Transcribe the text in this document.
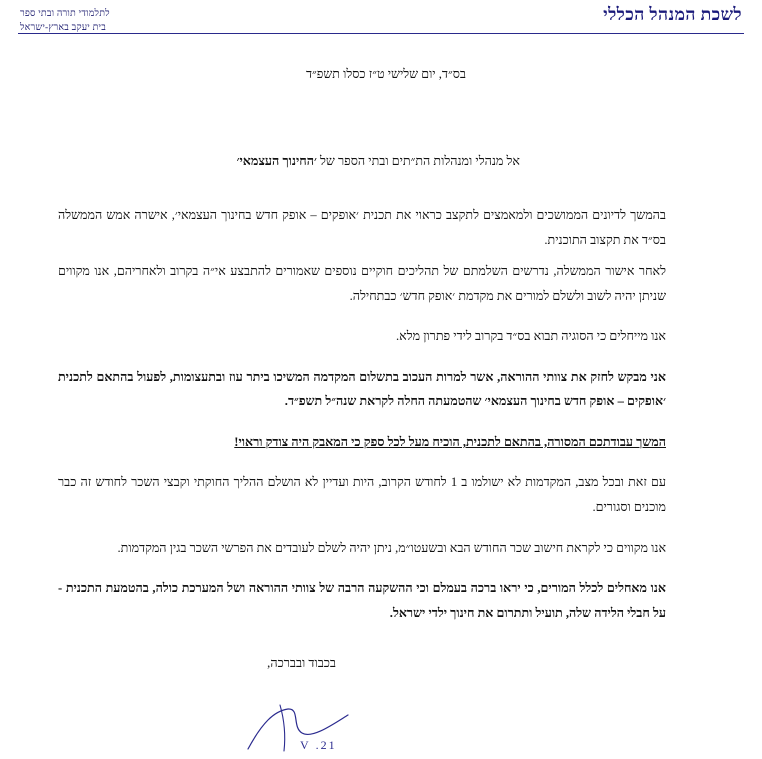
לתלמודי תורה ובתי ספר
בית יעקב בארץ-ישראל
לשכת המנהל הכללי
בס״ד, יום שלישי ט״ז כסלו תשפ״ד
אל מנהלי ומנהלות הת״תים ובתי הספר של ׳החינוך העצמאי׳

בהמשך לדיונים הממושכים ולמאמצים לתקצב כראוי את תכנית ׳אופקים – אופק חדש בחינוך העצמאי׳, אישרה אמש הממשלה בס״ד את תקצוב התוכנית.

לאחר אישור הממשלה, נדרשים השלמתם של תהליכים חוקיים נוספים שאמורים להתבצע אי״ה בקרוב ולאחריהם, אנו מקווים שניתן יהיה לשוב ולשלם למורים את מקדמת ׳אופק חדש׳ כבתחילה.

אנו מייחלים כי הסוגיה תבוא בס״ד בקרוב לידי פתרון מלא.

אני מבקש לחזק את צוותי ההוראה, אשר למרות העכוב בתשלום המקדמה המשיכו ביתר עוז ובתעצומות, לפעול בהתאם לתכנית ׳אופקים – אופק חדש בחינוך העצמאי׳ שהטמעתה החלה לקראת שנה״ל תשפ״ד.

המשך עבודתכם המסורה, בהתאם לתכנית, הוכיח מעל לכל ספק כי המאבק היה צודק וראוי!

עם זאת ובכל מצב, המקדמות לא ישולמו ב 1 לחודש הקרוב, היות ועדיין לא הושלם ההליך החוקתי וקבצי השכר לחודש זה כבר מוכנים וסגורים.

אנו מקווים כי לקראת חישוב שכר החודש הבא ובשעטו״מ, ניתן יהיה לשלם לעובדים את הפרשי השכר בגין המקדמות.

אנו מאחלים לכלל המורים, כי יראו ברכה בעמלם וכי ההשקעה הרבה של צוותי ההוראה ושל המערכת כולה, בהטמעת התכנית - על חבלי הלידה שלה, תועיל ותתרום את חינוך ילדי ישראל.

בכבוד ובברכה,
21. V
